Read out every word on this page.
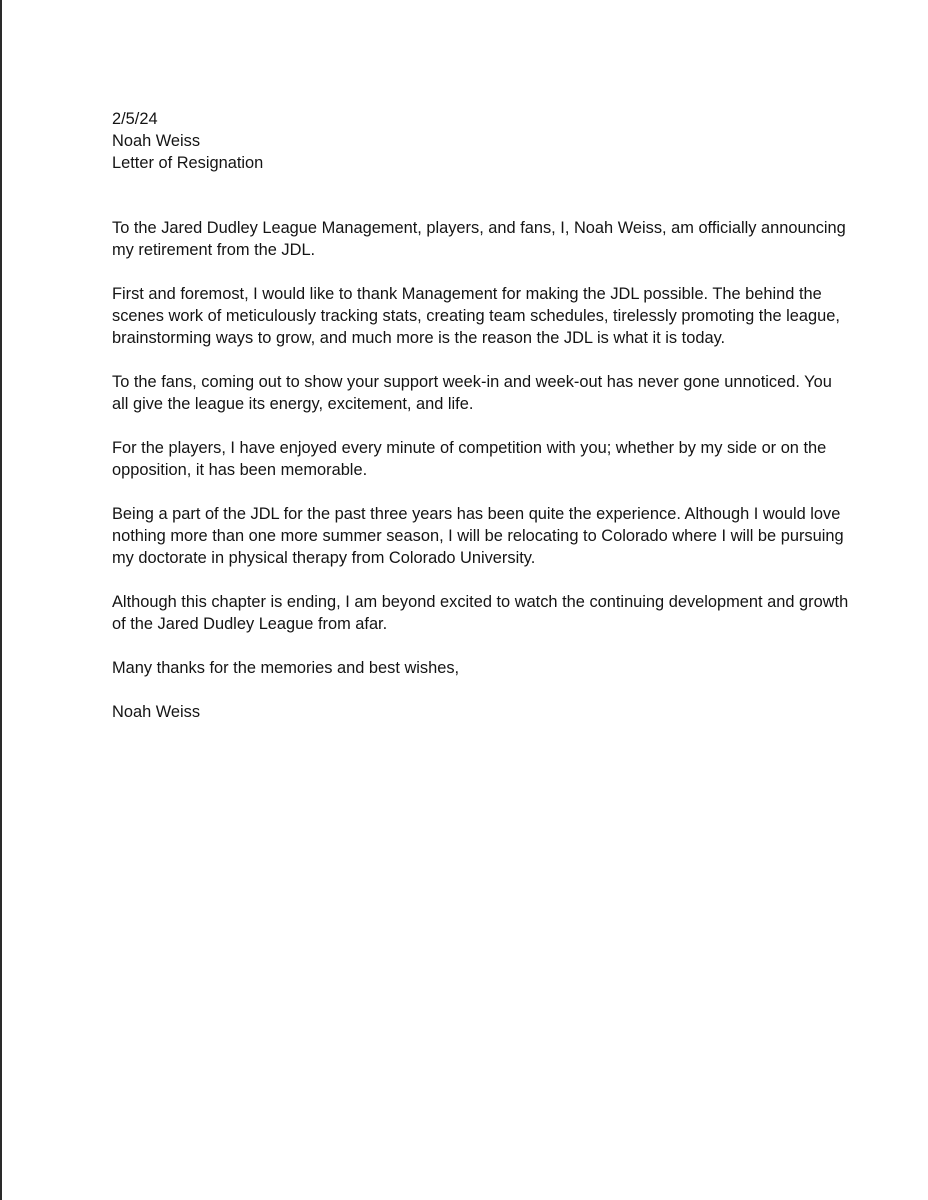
2/5/24
Noah Weiss
Letter of Resignation

To the Jared Dudley League Management, players, and fans, I, Noah Weiss, am officially announcing my retirement from the JDL.

First and foremost, I would like to thank Management for making the JDL possible. The behind the scenes work of meticulously tracking stats, creating team schedules, tirelessly promoting the league, brainstorming ways to grow, and much more is the reason the JDL is what it is today.

To the fans, coming out to show your support week-in and week-out has never gone unnoticed. You all give the league its energy, excitement, and life.

For the players, I have enjoyed every minute of competition with you; whether by my side or on the opposition, it has been memorable.

Being a part of the JDL for the past three years has been quite the experience. Although I would love nothing more than one more summer season, I will be relocating to Colorado where I will be pursuing my doctorate in physical therapy from Colorado University.

Although this chapter is ending, I am beyond excited to watch the continuing development and growth of the Jared Dudley League from afar.

Many thanks for the memories and best wishes,

Noah Weiss
